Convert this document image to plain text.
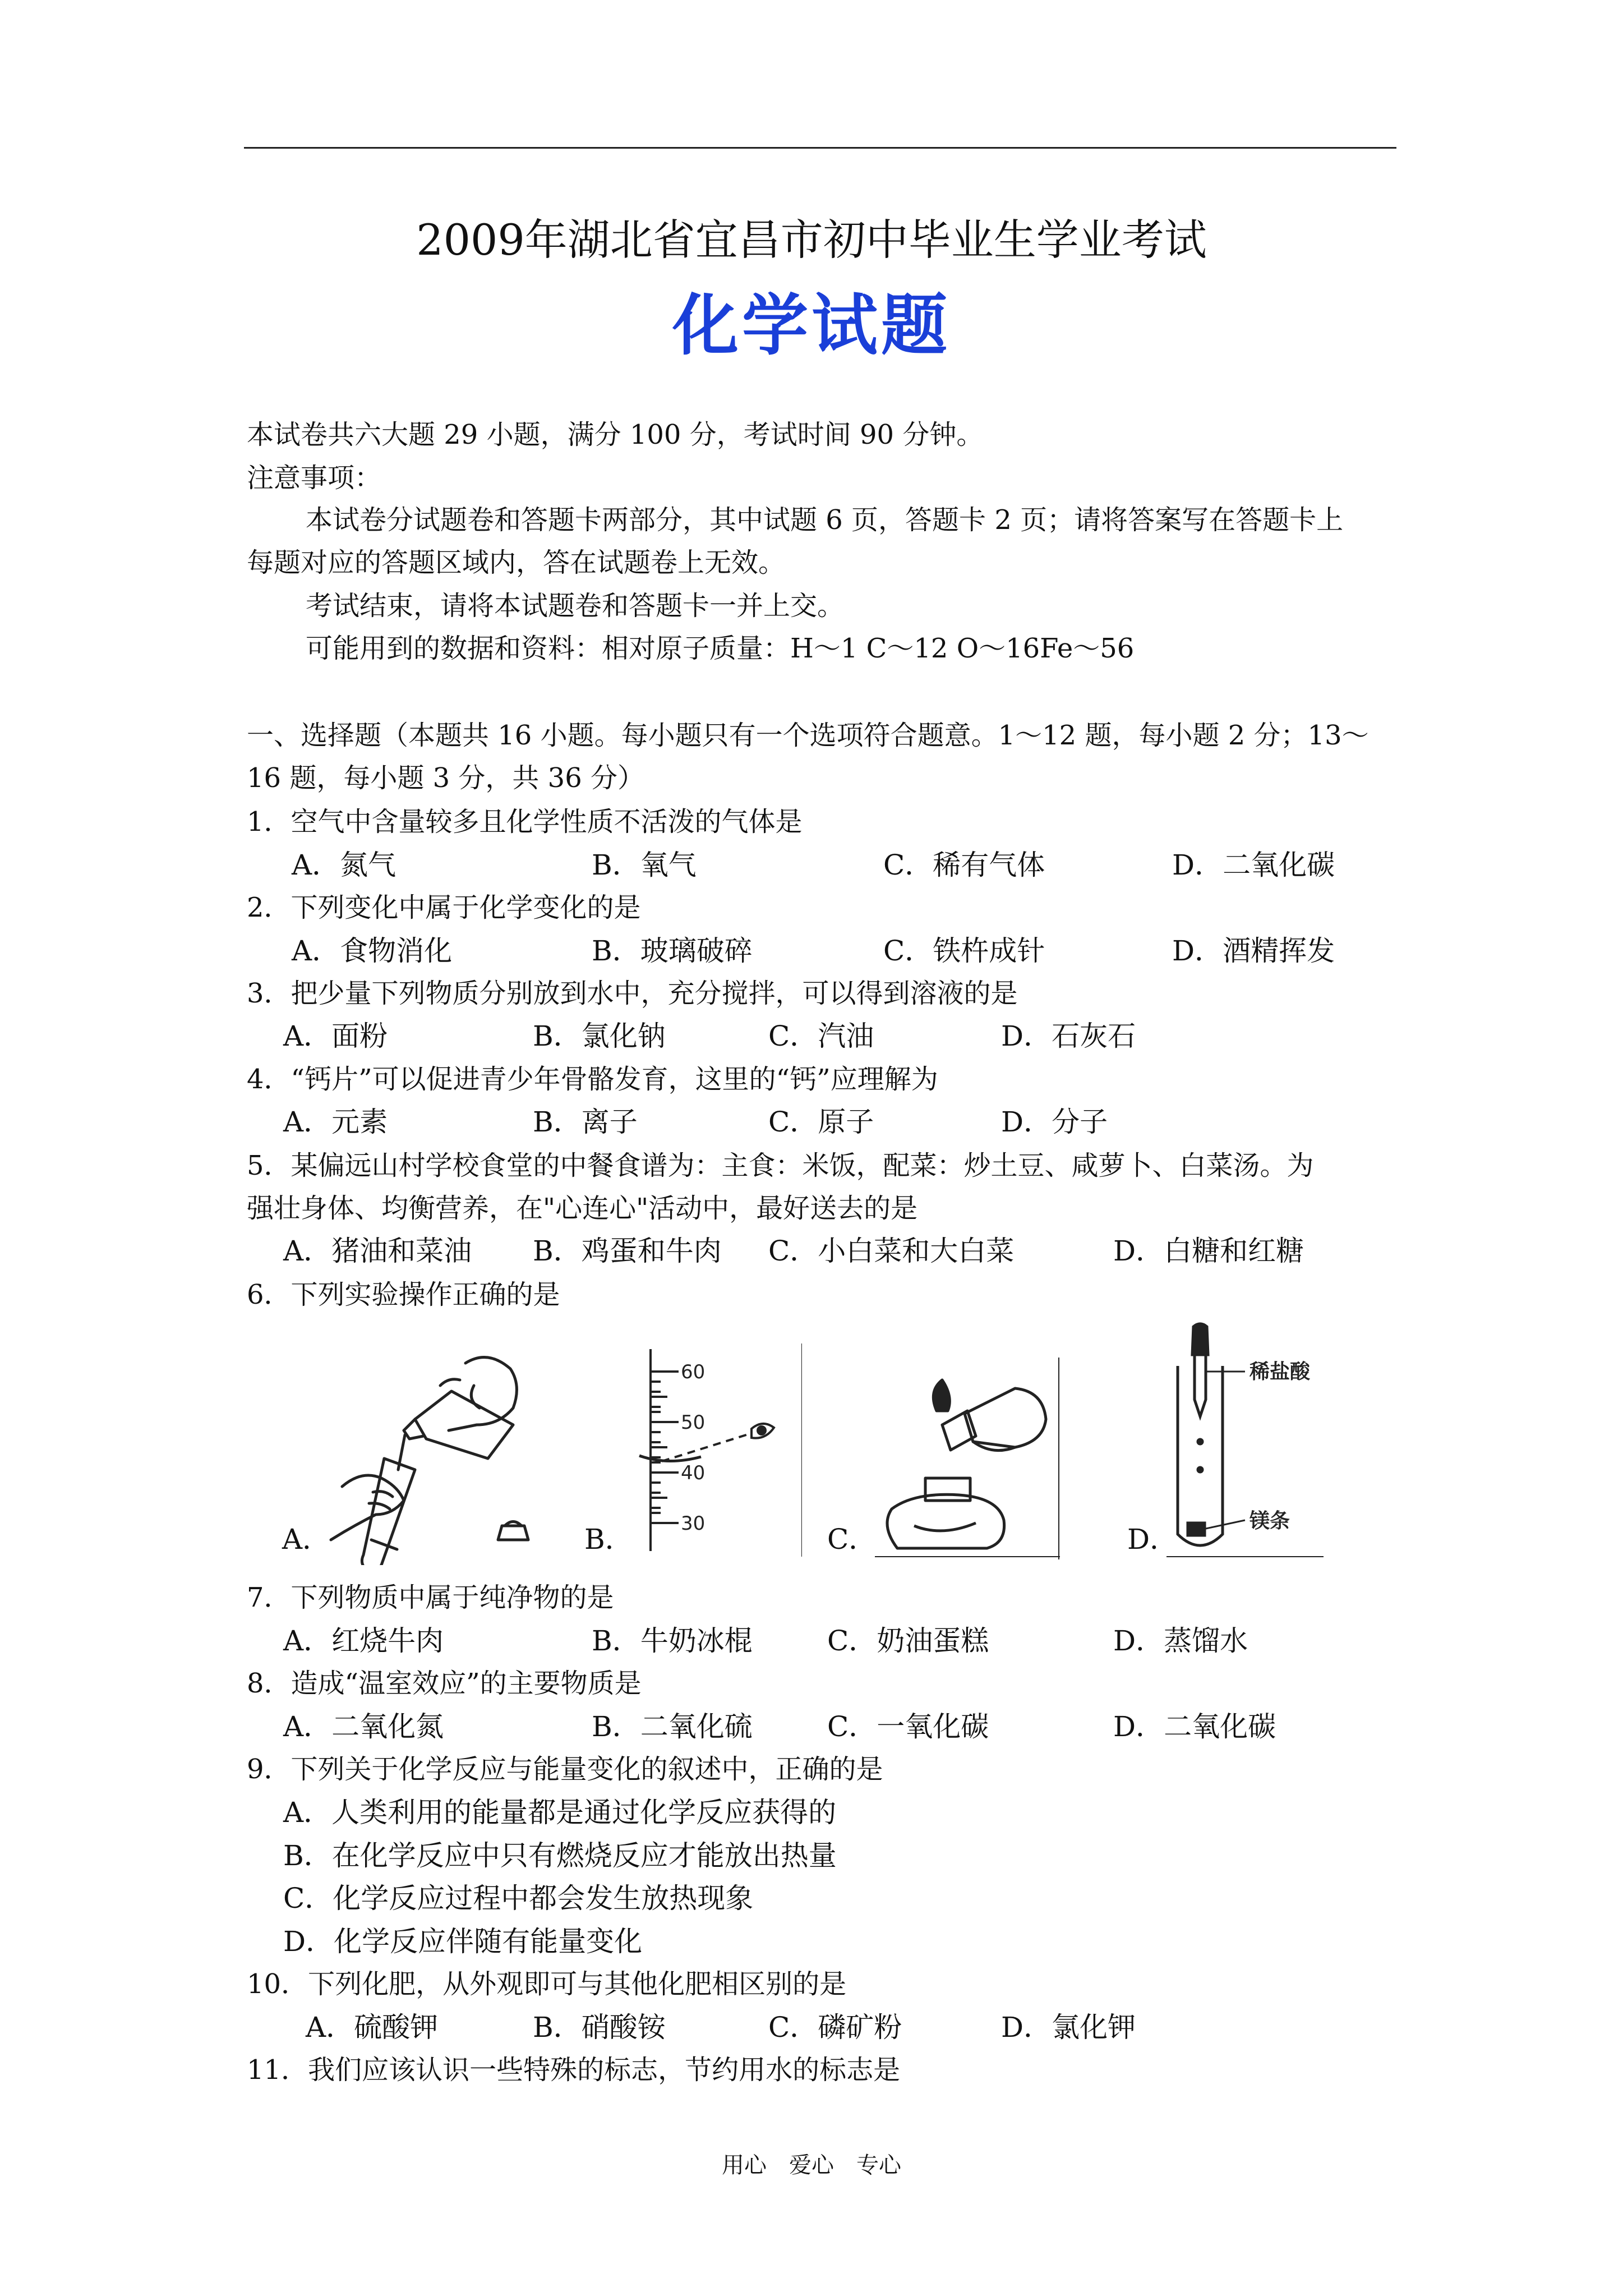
2009年湖北省宜昌市初中毕业生学业考试
化学试题
本试卷共六大题 29 小题，满分 100 分，考试时间 90 分钟。
注意事项：
本试卷分试题卷和答题卡两部分，其中试题 6 页，答题卡 2 页；请将答案写在答题卡上
每题对应的答题区域内，答在试题卷上无效。
考试结束，请将本试题卷和答题卡一并上交。
可能用到的数据和资料：相对原子质量：H～1 C～12 O～16Fe～56
一、选择题（本题共 16 小题。每小题只有一个选项符合题意。1～12 题，每小题 2 分；13～
16 题，每小题 3 分，共 36 分）
1．空气中含量较多且化学性质不活泼的气体是
A．氮气	B．氧气	C．稀有气体	D．二氧化碳
2．下列变化中属于化学变化的是
A．食物消化	B．玻璃破碎	C．铁杵成针	D．酒精挥发
3．把少量下列物质分别放到水中，充分搅拌，可以得到溶液的是
A．面粉	B．氯化钠	C．汽油	D．石灰石
4．“钙片”可以促进青少年骨骼发育，这里的“钙”应理解为
A．元素	B．离子	C．原子	D．分子
5．某偏远山村学校食堂的中餐食谱为：主食：米饭，配菜：炒土豆、咸萝卜、白菜汤。为
强壮身体、均衡营养，在"心连心"活动中，最好送去的是
A．猪油和菜油 B．鸡蛋和牛肉 C．小白菜和大白菜	D．白糖和红糖
6．下列实验操作正确的是
A．
60
50
40
30
B．	C．
稀盐酸
镁条
D．
7．下列物质中属于纯净物的是
A．红烧牛肉	B．牛奶冰棍	C．奶油蛋糕	D．蒸馏水
8．造成“温室效应”的主要物质是
A．二氧化氮	B．二氧化硫	C．一氧化碳	D．二氧化碳
9．下列关于化学反应与能量变化的叙述中，正确的是
A．人类利用的能量都是通过化学反应获得的
B．在化学反应中只有燃烧反应才能放出热量
C．化学反应过程中都会发生放热现象
D．化学反应伴随有能量变化
10．下列化肥，从外观即可与其他化肥相区别的是
A．硫酸钾	B．硝酸铵	C．磷矿粉	D．氯化钾
11．我们应该认识一些特殊的标志，节约用水的标志是
用心　爱心　专心
